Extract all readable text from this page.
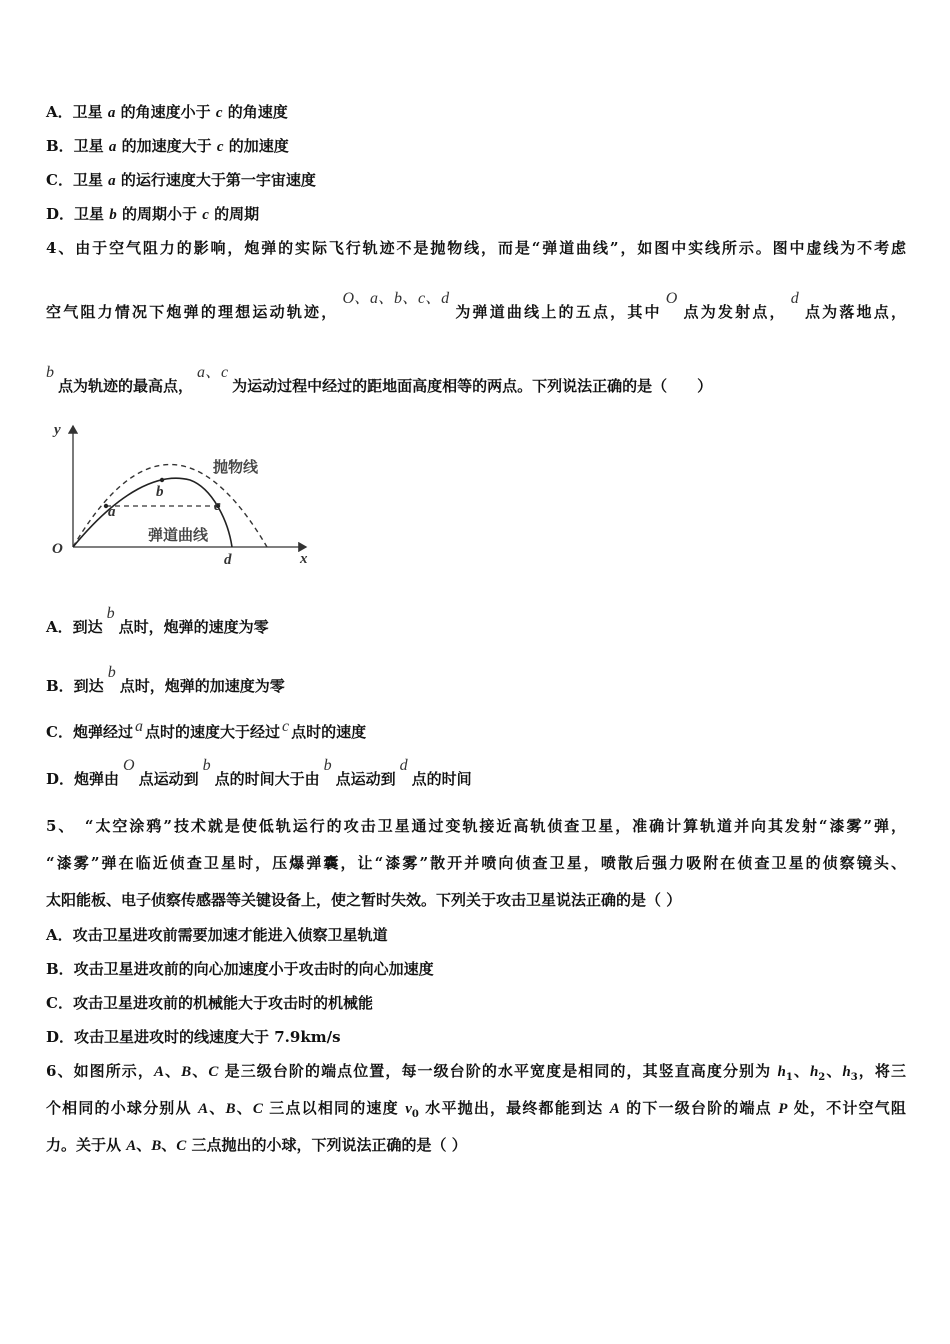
A．卫星 a 的角速度小于 c 的角速度
B．卫星 a 的加速度大于 c 的加速度
C．卫星 a 的运行速度大于第一宇宙速度
D．卫星 b 的周期小于 c 的周期
4、由于空气阻力的影响，炮弹的实际飞行轨迹不是抛物线，而是“弹道曲线”，如图中实线所示。图中虚线为不考虑
空气阻力情况下炮弹的理想运动轨迹，O、a、b、c、d为弹道曲线上的五点，其中O点为发射点，d点为落地点，
b点为轨迹的最高点，a、c为运动过程中经过的距地面高度相等的两点。下列说法正确的是（　　）
y
x
O
a
b
c
d
抛物线
弹道曲线
A．到达b点时，炮弹的速度为零
B．到达b点时，炮弹的加速度为零
C．炮弹经过 a 点时的速度大于经过 c 点时的速度
D．炮弹由O点运动到b点的时间大于由b点运动到d点的时间
5、　“太空涂鸦”技术就是使低轨运行的攻击卫星通过变轨接近高轨侦查卫星，准确计算轨道并向其发射“漆雾”弹，
“漆雾”弹在临近侦查卫星时，压爆弹囊，让“漆雾”散开并喷向侦查卫星，喷散后强力吸附在侦查卫星的侦察镜头、
太阳能板、电子侦察传感器等关键设备上，使之暂时失效。下列关于攻击卫星说法正确的是（ ）
A．攻击卫星进攻前需要加速才能进入侦察卫星轨道
B．攻击卫星进攻前的向心加速度小于攻击时的向心加速度
C．攻击卫星进攻前的机械能大于攻击时的机械能
D．攻击卫星进攻时的线速度大于 7.9km/s
6、如图所示，A、B、C 是三级台阶的端点位置，每一级台阶的水平宽度是相同的，其竖直高度分别为 $h_1$、$h_2$、$h_3$，将三
个相同的小球分别从 A、B、C 三点以相同的速度 $v_0$ 水平抛出，最终都能到达 A 的下一级台阶的端点 P 处，不计空气阻
力。关于从 A、B、C 三点抛出的小球，下列说法正确的是（ ）
